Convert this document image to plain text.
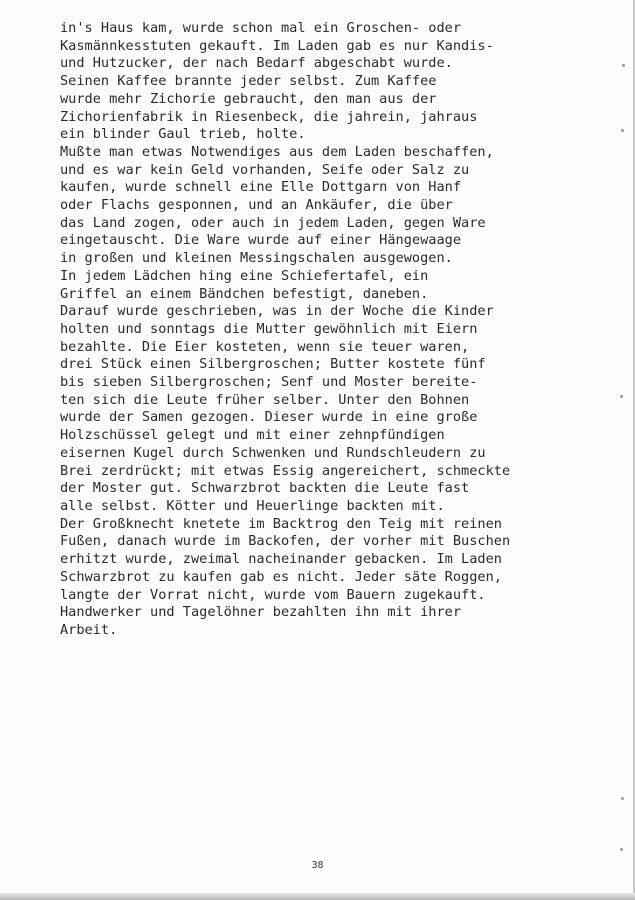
in's Haus kam, wurde schon mal ein Groschen- oder
Kasmännkesstuten gekauft. Im Laden gab es nur Kandis-
und Hutzucker, der nach Bedarf abgeschabt wurde.
Seinen Kaffee brannte jeder selbst. Zum Kaffee
wurde mehr Zichorie gebraucht, den man aus der
Zichorienfabrik in Riesenbeck, die jahrein, jahraus
ein blinder Gaul trieb, holte.
Mußte man etwas Notwendiges aus dem Laden beschaffen,
und es war kein Geld vorhanden, Seife oder Salz zu
kaufen, wurde schnell eine Elle Dottgarn von Hanf
oder Flachs gesponnen, und an Ankäufer, die über
das Land zogen, oder auch in jedem Laden, gegen Ware
eingetauscht. Die Ware wurde auf einer Hängewaage
in großen und kleinen Messingschalen ausgewogen.
In jedem Lädchen hing eine Schiefertafel, ein
Griffel an einem Bändchen befestigt, daneben.
Darauf wurde geschrieben, was in der Woche die Kinder
holten und sonntags die Mutter gewöhnlich mit Eiern
bezahlte. Die Eier kosteten, wenn sie teuer waren,
drei Stück einen Silbergroschen; Butter kostete fünf
bis sieben Silbergroschen; Senf und Moster bereite-
ten sich die Leute früher selber. Unter den Bohnen
wurde der Samen gezogen. Dieser wurde in eine große
Holzschüssel gelegt und mit einer zehnpfündigen
eisernen Kugel durch Schwenken und Rundschleudern zu
Brei zerdrückt; mit etwas Essig angereichert, schmeckte
der Moster gut. Schwarzbrot backten die Leute fast
alle selbst. Kötter und Heuerlinge backten mit.
Der Großknecht knetete im Backtrog den Teig mit reinen
Fußen, danach wurde im Backofen, der vorher mit Buschen
erhitzt wurde, zweimal nacheinander gebacken. Im Laden
Schwarzbrot zu kaufen gab es nicht. Jeder säte Roggen,
langte der Vorrat nicht, wurde vom Bauern zugekauft.
Handwerker und Tagelöhner bezahlten ihn mit ihrer
Arbeit.
38
